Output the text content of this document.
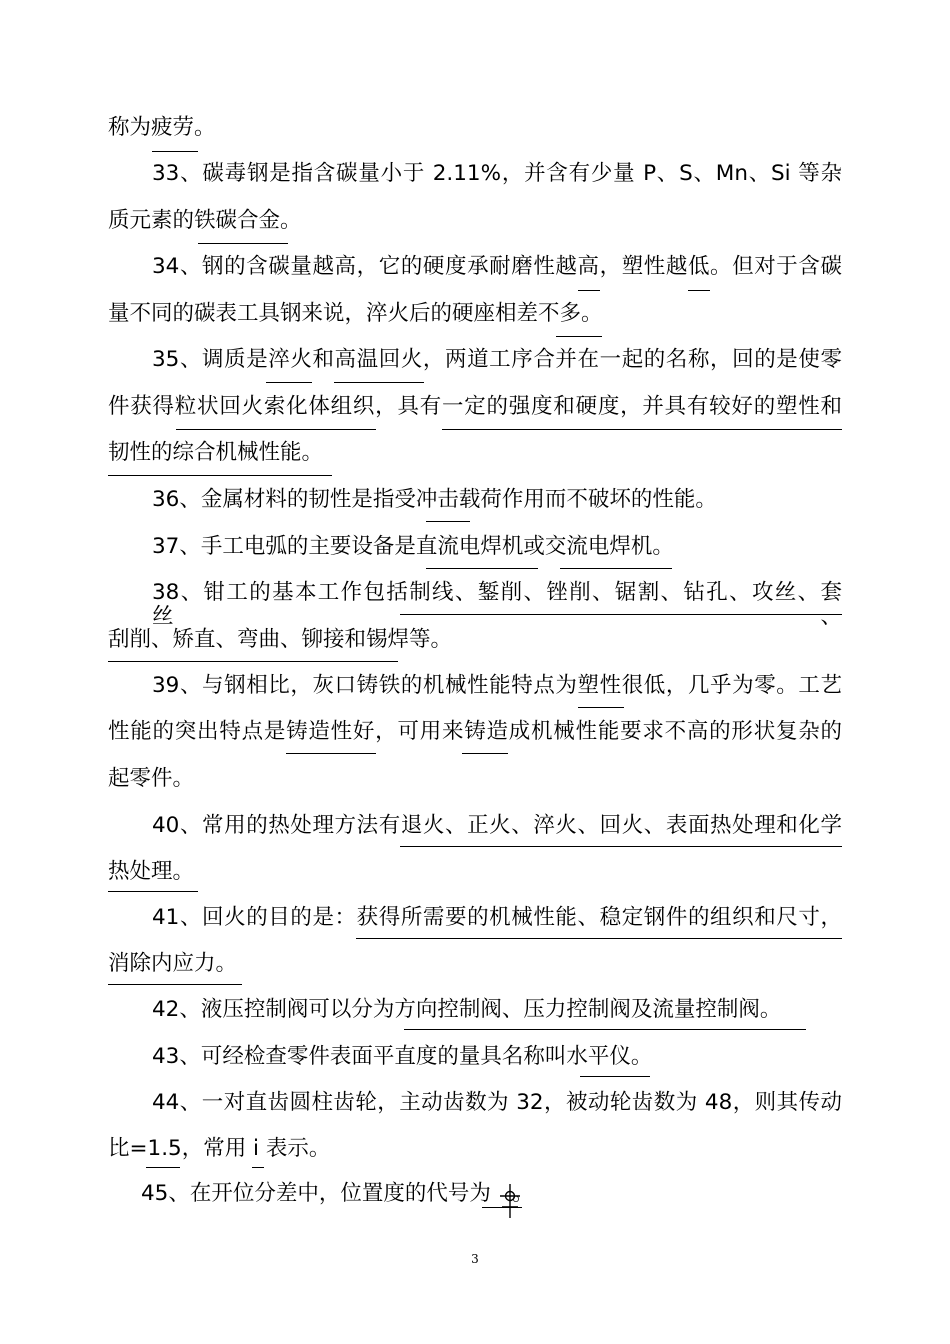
称为疲劳。
33、碳毒钢是指含碳量小于 2.11%，并含有少量 P、S、Mn、Si 等杂
质元素的铁碳合金。
34、钢的含碳量越高，它的硬度承耐磨性越高，塑性越低。但对于含碳
量不同的碳表工具钢来说，淬火后的硬座相差不多。
35、调质是淬火和高温回火，两道工序合并在一起的名称，回的是使零
件获得粒状回火索化体组织，具有一定的强度和硬度，并具有较好的塑性和
韧性的综合机械性能。
36、金属材料的韧性是指受冲击载荷作用而不破坏的性能。
37、手工电弧的主要设备是直流电焊机或交流电焊机。
38、钳工的基本工作包括制线、錾削、锉削、锯割、钻孔、攻丝、套丝、
刮削、矫直、弯曲、铆接和锡焊等。
39、与钢相比，灰口铸铁的机械性能特点为塑性很低，几乎为零。工艺
性能的突出特点是铸造性好，可用来铸造成机械性能要求不高的形状复杂的
起零件。
40、常用的热处理方法有退火、正火、淬火、回火、表面热处理和化学
热处理。
41、回火的目的是：获得所需要的机械性能、稳定钢件的组织和尺寸，
消除内应力。
42、液压控制阀可以分为方向控制阀、压力控制阀及流量控制阀。
43、可经检查零件表面平直度的量具名称叫水平仪。
44、一对直齿圆柱齿轮，主动齿数为 32，被动轮齿数为 48，则其传动
比=1.5，常用 i 表示。
45、在开位分差中，位置度的代号为 。
3
